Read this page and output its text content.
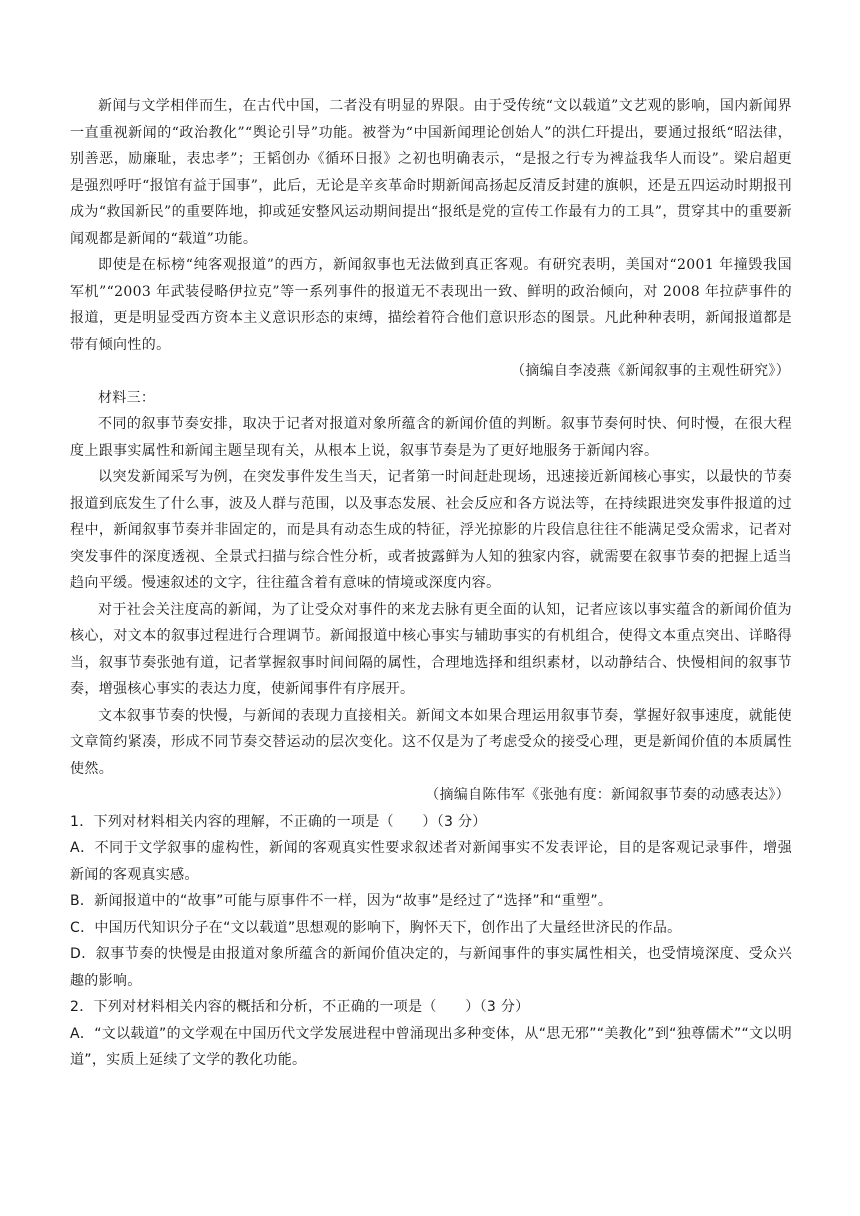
新闻与文学相伴而生，在古代中国，二者没有明显的界限。由于受传统“文以载道”文艺观的影响，国内新闻界一直重视新闻的“政治教化”“舆论引导”功能。被誉为“中国新闻理论创始人”的洪仁玕提出，要通过报纸“昭法律，别善恶，励廉耻，表忠孝”；王韬创办《循环日报》之初也明确表示，“是报之行专为裨益我华人而设”。梁启超更是强烈呼吁“报馆有益于国事”，此后，无论是辛亥革命时期新闻高扬起反清反封建的旗帜，还是五四运动时期报刊成为“救国新民”的重要阵地，抑或延安整风运动期间提出“报纸是党的宣传工作最有力的工具”，贯穿其中的重要新闻观都是新闻的“载道”功能。

即使是在标榜“纯客观报道”的西方，新闻叙事也无法做到真正客观。有研究表明，美国对“2001 年撞毁我国军机”“2003 年武装侵略伊拉克”等一系列事件的报道无不表现出一致、鲜明的政治倾向，对 2008 年拉萨事件的报道，更是明显受西方资本主义意识形态的束缚，描绘着符合他们意识形态的图景。凡此种种表明，新闻报道都是带有倾向性的。

（摘编自李凌燕《新闻叙事的主观性研究》）

材料三：

不同的叙事节奏安排，取决于记者对报道对象所蕴含的新闻价值的判断。叙事节奏何时快、何时慢，在很大程度上跟事实属性和新闻主题呈现有关，从根本上说，叙事节奏是为了更好地服务于新闻内容。

以突发新闻采写为例，在突发事件发生当天，记者第一时间赶赴现场，迅速接近新闻核心事实，以最快的节奏报道到底发生了什么事，波及人群与范围，以及事态发展、社会反应和各方说法等，在持续跟进突发事件报道的过程中，新闻叙事节奏并非固定的，而是具有动态生成的特征，浮光掠影的片段信息往往不能满足受众需求，记者对突发事件的深度透视、全景式扫描与综合性分析，或者披露鲜为人知的独家内容，就需要在叙事节奏的把握上适当趋向平缓。慢速叙述的文字，往往蕴含着有意味的情境或深度内容。

对于社会关注度高的新闻，为了让受众对事件的来龙去脉有更全面的认知，记者应该以事实蕴含的新闻价值为核心，对文本的叙事过程进行合理调节。新闻报道中核心事实与辅助事实的有机组合，使得文本重点突出、详略得当，叙事节奏张弛有道，记者掌握叙事时间间隔的属性，合理地选择和组织素材，以动静结合、快慢相间的叙事节奏，增强核心事实的表达力度，使新闻事件有序展开。

文本叙事节奏的快慢，与新闻的表现力直接相关。新闻文本如果合理运用叙事节奏，掌握好叙事速度，就能使文章简约紧凑，形成不同节奏交替运动的层次变化。这不仅是为了考虑受众的接受心理，更是新闻价值的本质属性使然。

（摘编自陈伟军《张弛有度：新闻叙事节奏的动感表达》）

1．下列对材料相关内容的理解，不正确的一项是（　　）（3 分）

A．不同于文学叙事的虚构性，新闻的客观真实性要求叙述者对新闻事实不发表评论，目的是客观记录事件，增强新闻的客观真实感。

B．新闻报道中的“故事”可能与原事件不一样，因为“故事”是经过了“选择”和“重塑”。

C．中国历代知识分子在“文以载道”思想观的影响下，胸怀天下，创作出了大量经世济民的作品。

D．叙事节奏的快慢是由报道对象所蕴含的新闻价值决定的，与新闻事件的事实属性相关，也受情境深度、受众兴趣的影响。

2．下列对材料相关内容的概括和分析，不正确的一项是（　　）（3 分）

A．“文以载道”的文学观在中国历代文学发展进程中曾涌现出多种变体，从“思无邪”“美教化”到“独尊儒术”“文以明道”，实质上延续了文学的教化功能。
